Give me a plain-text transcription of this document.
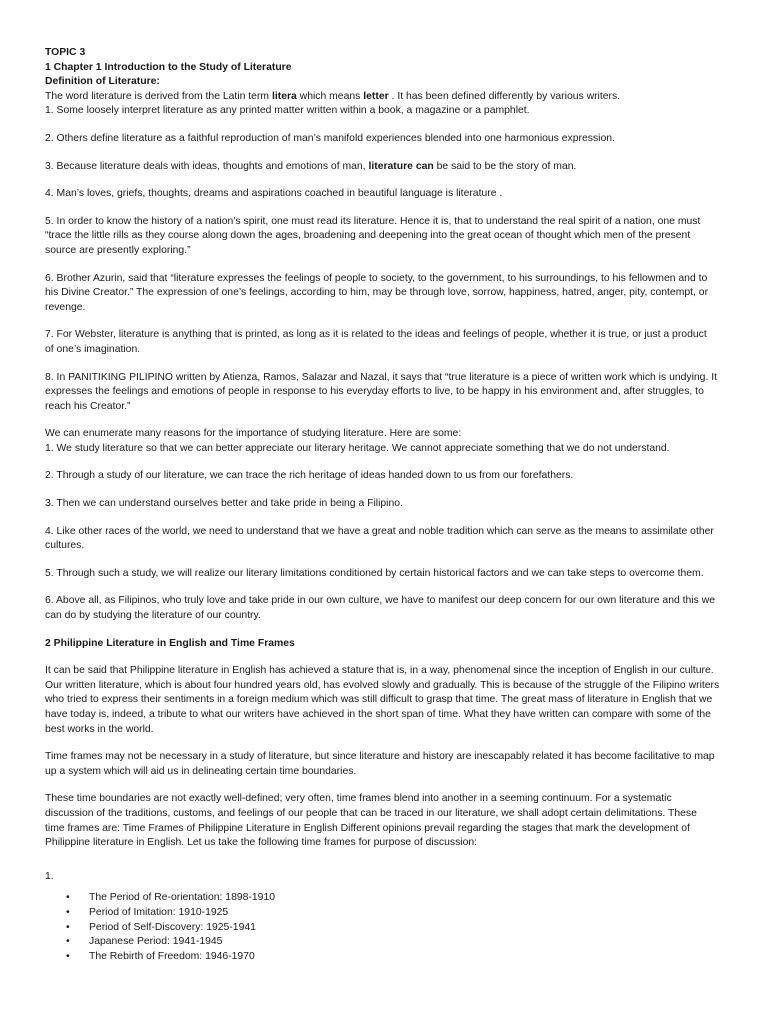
TOPIC 3
1 Chapter 1 Introduction to the Study of Literature
Definition of Literature:
The word literature is derived from the Latin term litera which means letter . It has been defined differently by various writers.
1. Some loosely interpret literature as any printed matter written within a book, a magazine or a pamphlet.
2. Others define literature as a faithful reproduction of man’s manifold experiences blended into one harmonious expression.
3. Because literature deals with ideas, thoughts and emotions of man, literature can be said to be the story of man.
4. Man’s loves, griefs, thoughts, dreams and aspirations coached in beautiful language is literature .
5. In order to know the history of a nation’s spirit, one must read its literature. Hence it is, that to understand the real spirit of a nation, one must
“trace the little rills as they course along down the ages, broadening and deepening into the great ocean of thought which men of the present
source are presently exploring.”
6. Brother Azurin, said that “literature expresses the feelings of people to society, to the government, to his surroundings, to his fellowmen and to
his Divine Creator.” The expression of one’s feelings, according to him, may be through love, sorrow, happiness, hatred, anger, pity, contempt, or
revenge.
7. For Webster, literature is anything that is printed, as long as it is related to the ideas and feelings of people, whether it is true, or just a product
of one’s imagination.
8. In PANITIKING PILIPINO written by Atienza, Ramos, Salazar and Nazal, it says that “true literature is a piece of written work which is undying. It
expresses the feelings and emotions of people in response to his everyday efforts to live, to be happy in his environment and, after struggles, to
reach his Creator.”
We can enumerate many reasons for the importance of studying literature. Here are some:
1. We study literature so that we can better appreciate our literary heritage. We cannot appreciate something that we do not understand.
2. Through a study of our literature, we can trace the rich heritage of ideas handed down to us from our forefathers.
3. Then we can understand ourselves better and take pride in being a Filipino.
4. Like other races of the world, we need to understand that we have a great and noble tradition which can serve as the means to assimilate other
cultures.
5. Through such a study, we will realize our literary limitations conditioned by certain historical factors and we can take steps to overcome them.
6. Above all, as Filipinos, who truly love and take pride in our own culture, we have to manifest our deep concern for our own literature and this we
can do by studying the literature of our country.
2 Philippine Literature in English and Time Frames
It can be said that Philippine literature in English has achieved a stature that is, in a way, phenomenal since the inception of English in our culture.
Our written literature, which is about four hundred years old, has evolved slowly and gradually. This is because of the struggle of the Filipino writers
who tried to express their sentiments in a foreign medium which was still difficult to grasp that time. The great mass of literature in English that we
have today is, indeed, a tribute to what our writers have achieved in the short span of time. What they have written can compare with some of the
best works in the world.
Time frames may not be necessary in a study of literature, but since literature and history are inescapably related it has become facilitative to map
up a system which will aid us in delineating certain time boundaries.
These time boundaries are not exactly well-defined; very often, time frames blend into another in a seeming continuum. For a systematic
discussion of the traditions, customs, and feelings of our people that can be traced in our literature, we shall adopt certain delimitations. These
time frames are: Time Frames of Philippine Literature in English Different opinions prevail regarding the stages that mark the development of
Philippine literature in English. Let us take the following time frames for purpose of discussion:
1.
• The Period of Re-orientation: 1898-1910
• Period of Imitation: 1910-1925
• Period of Self-Discovery: 1925-1941
• Japanese Period: 1941-1945
• The Rebirth of Freedom: 1946-1970
